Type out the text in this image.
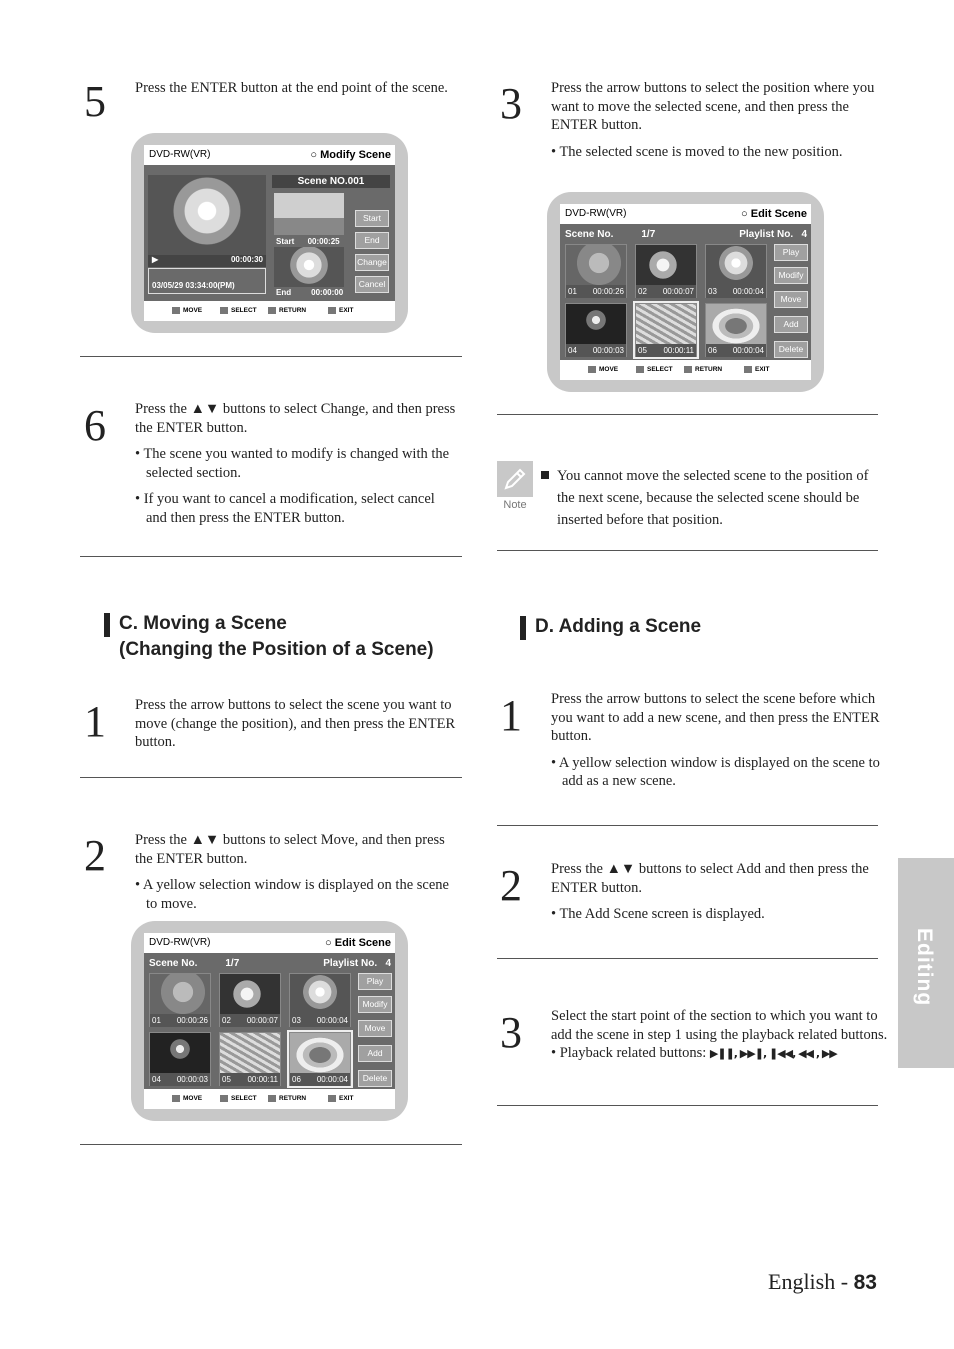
5 Press the ENTER button at the end point of the scene.

DVD-RW(VR)	○ Modify Scene
▶	00:00:30
03/05/29 03:34:00(PM)
Scene NO.001
Start 00:00:25
End	00:00:00
Start
End
Change
Cancel
MOVE	SELECT	RETURN	EXIT
6 Press the ▲▼ buttons to select Change, and then press the ENTER button.

• The scene you wanted to modify is changed with the selected section.

• If you want to cancel a modification, select cancel and then press the ENTER button.

C. Moving a Scene
(Changing the Position of a Scene)
1 Press the arrow buttons to select the scene you want to move (change the position), and then press the ENTER button.

2 Press the ▲▼ buttons to select Move, and then press the ENTER button.

• A yellow selection window is displayed on the scene to move.

DVD-RW(VR)	○ Edit Scene
Scene No.	1/7	Playlist No. 4
01 00:00:26 02 00:00:07 03 00:00:04
04 00:00:03 05 00:00:11 06 00:00:04
Play
Modify
Move
Add
Delete
MOVE	SELECT	RETURN	EXIT
3 Press the arrow buttons to select the position where you want to move the selected scene, and then press the ENTER button.

• The selected scene is moved to the new position.

DVD-RW(VR)	○ Edit Scene
Scene No.	1/7	Playlist No. 4
01 00:00:26 02 00:00:07 03 00:00:04
04 00:00:03 05 00:00:11 06 00:00:04
Play
Modify
Move
Add
Delete
MOVE	SELECT	RETURN	EXIT
Note

You cannot move the selected scene to the position of the next scene, because the selected scene should be inserted before that position.

D. Adding a Scene
1 Press the arrow buttons to select the scene before which you want to add a new scene, and then press the ENTER button.

• A yellow selection window is displayed on the scene to add as a new scene.

2 Press the ▲▼ buttons to select Add and then press the ENTER button.

• The Add Scene screen is displayed.

3 Select the start point of the section to which you want to add the scene in step 1 using the playback related buttons.

• Playback related buttons: ▶❚❚, ▶▶❚, ❚◀◀, ◀◀ , ▶▶

Editing
English - 83
